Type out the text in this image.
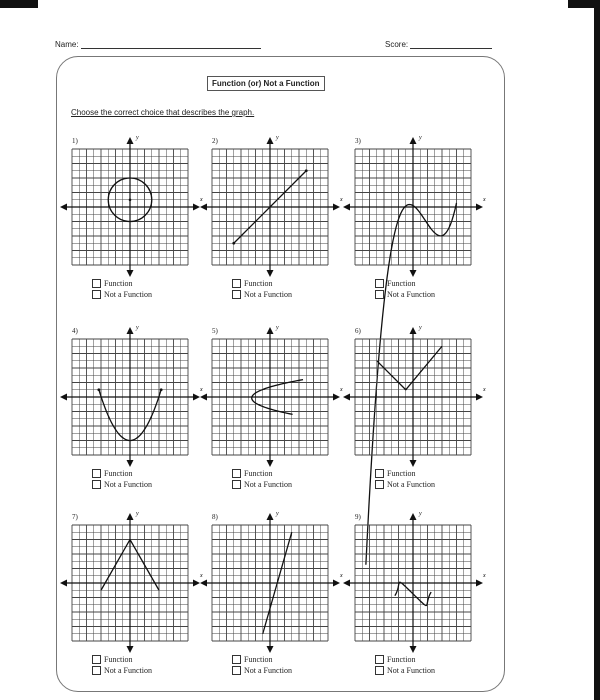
Name:	Score:
Function (or) Not a Function
Choose the correct choice that describes the graph.
1)
x
y
Function
Not a Function
2)
x
y
Function
Not a Function
3)
x
y
Function
Not a Function
4)
x
y
Function
Not a Function
5)
x
y
Function
Not a Function
6)
x
y
Function
Not a Function
7)
x
y
Function
Not a Function
8)
x
y
Function
Not a Function
9)
x
y
Function
Not a Function
